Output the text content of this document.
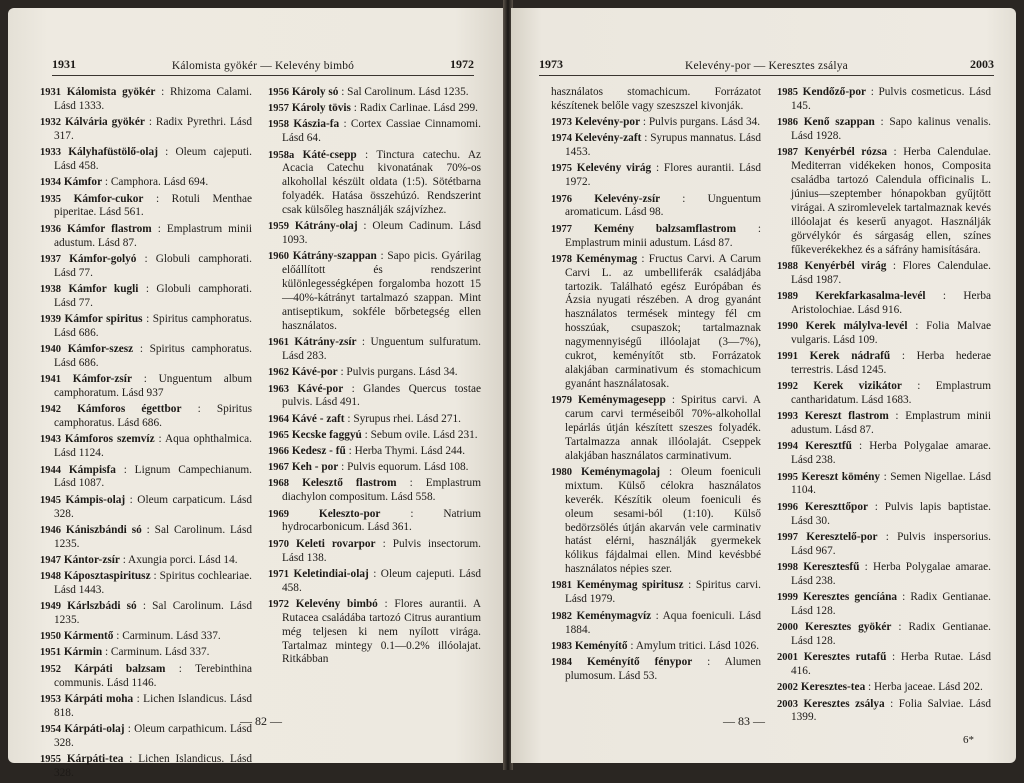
1931	Kálomista gyökér — Kelevény bimbó	1972

1931 Kálomista gyökér : Rhizoma Calami. Lásd 1333.

1932 Kálvária gyökér : Radix Pyrethri. Lásd 317.

1933 Kályhafüstölő-olaj : Oleum cajeputi. Lásd 458.

1934 Kámfor : Camphora. Lásd 694.

1935 Kámfor-cukor : Rotuli Menthae piperitae. Lásd 561.

1936 Kámfor flastrom : Emplastrum minii adustum. Lásd 87.

1937 Kámfor-golyó : Globuli camphorati. Lásd 77.

1938 Kámfor kugli : Globuli camphorati. Lásd 77.

1939 Kámfor spiritus : Spiritus camphoratus. Lásd 686.

1940 Kámfor-szesz : Spiritus camphoratus. Lásd 686.

1941 Kámfor-zsír : Unguentum album camphoratum. Lásd 937

1942 Kámforos égettbor : Spiritus camphoratus. Lásd 686.

1943 Kámforos szemvíz : Aqua ophthalmica. Lásd 1124.

1944 Kámpisfa : Lignum Campechianum. Lásd 1087.

1945 Kámpis-olaj : Oleum carpaticum. Lásd 328.

1946 Kániszbándi só : Sal Carolinum. Lásd 1235.

1947 Kántor-zsír : Axungia porci. Lásd 14.

1948 Káposztaspiritusz : Spiritus cochleariae. Lásd 1443.

1949 Kárlszbádi só : Sal Carolinum. Lásd 1235.

1950 Kármentő : Carminum. Lásd 337.

1951 Kármin : Carminum. Lásd 337.

1952 Kárpáti balzsam : Terebinthina communis. Lásd 1146.

1953 Kárpáti moha : Lichen Islandicus. Lásd 818.

1954 Kárpáti-olaj : Oleum carpathicum. Lásd 328.

1955 Kárpáti-tea : Lichen Islandicus. Lásd 328.

1956 Károly só : Sal Carolinum. Lásd 1235.

1957 Károly tövis : Radix Carlinae. Lásd 299.

1958 Kászia-fa : Cortex Cassiae Cinnamomi. Lásd 64.

1958a Káté-csepp : Tinctura catechu. Az Acacia Catechu kivonatának 70%-os alkohollal készült oldata (1:5). Sötétbarna folyadék. Hatása összehúzó. Rendszerint csak külsőleg használják szájvízhez.

1959 Kátrány-olaj : Oleum Cadinum. Lásd 1093.

1960 Kátrány-szappan : Sapo picis. Gyárilag előállított és rendszerint különlegességképen forgalomba hozott 15—40%-kátrányt tartalmazó szappan. Mint antiseptikum, sokféle bőrbetegség ellen használatos.

1961 Kátrány-zsír : Unguentum sulfuratum. Lásd 283.

1962 Kávé-por : Pulvis purgans. Lásd 34.

1963 Kávé-por : Glandes Quercus tostae pulvis. Lásd 491.

1964 Kávé - zaft : Syrupus rhei. Lásd 271.

1965 Kecske faggyú : Sebum ovile. Lásd 231.

1966 Kedesz - fű : Herba Thymi. Lásd 244.

1967 Keh - por : Pulvis equorum. Lásd 108.

1968 Kelesztő flastrom : Emplastrum diachylon compositum. Lásd 558.

1969	Keleszto-por : Natrium hydrocarbonicum. Lásd 361.

1970 Keleti rovarpor : Pulvis insectorum. Lásd 138.

1971 Keletindiai-olaj : Oleum cajeputi. Lásd 458.

1972 Kelevény bimbó : Flores aurantii. A Rutacea családába tartozó Citrus aurantium még teljesen ki nem nyílott virága. Tartalmaz mintegy 0.1—0.2% illóolajat. Ritkábban

— 82 —
1973	Kelevény-por — Keresztes zsálya	2003

használatos stomachicum. Forrázatot készítenek belőle vagy szeszszel kivonják.

1973 Kelevény-por : Pulvis purgans. Lásd 34.

1974 Kelevény-zaft : Syrupus mannatus. Lásd 1453.

1975 Kelevény virág : Flores aurantii. Lásd 1972.

1976 Kelevény-zsír : Unguentum aromaticum. Lásd 98.

1977 Kemény balzsamflastrom : Emplastrum minii adustum. Lásd 87.

1978 Keménymag : Fructus Carvi. A Carum Carvi L. az umbelliferák családjába tartozik. Található egész Európában és Ázsia nyugati részében. A drog gyanánt használatos termések mintegy fél cm hosszúak, csupaszok; tartalmaznak nagymennyiségű illóolajat (3—7%), cukrot, keményítőt stb. Forrázatok alakjában carminativum és stomachicum gyanánt használatosak.

1979 Keménymagesepp : Spiritus carvi. A carum carvi terméseiből 70%-alkohollal lepárlás útján készített szeszes folyadék. Tartalmazza annak illóolaját. Cseppek alakjában használatos carminativum.

1980 Keménymagolaj : Oleum foeniculi mixtum. Külső célokra használatos keverék. Készítik oleum foeniculi és oleum sesami-ból (1:10). Külső bedörzsölés útján akarván vele carminativ hatást elérni, használják gyermekek kólikus fájdalmai ellen. Mind kevésbbé használatos népies szer.

1981 Keménymag spiritusz : Spiritus carvi. Lásd 1979.

1982 Keménymagvíz : Aqua foeniculi. Lásd 1884.

1983 Keményítő : Amylum tritici. Lásd 1026.

1984 Keményítő fénypor : Alumen plumosum. Lásd 53.

1985 Kendőző-por : Pulvis cosmeticus. Lásd 145.

1986 Kenő szappan : Sapo kalinus venalis. Lásd 1928.

1987 Kenyérbél rózsa : Herba Calendulae. Mediterran vidékeken honos, Composita családba tartozó Calendula officinalis L. június—szeptember hónapokban gyűjtött virágai. A sziromlevelek tartalmaznak kevés illóolajat és keserű anyagot. Használják görvélykór és sárgaság ellen, színes fűkeverékekhez és a sáfrány hamisítására.

1988 Kenyérbél virág : Flores Calendulae. Lásd 1987.

1989 Kerekfarkasalma-levél : Herba Aristolochiae. Lásd 916.

1990 Kerek málylva-levél : Folia Malvae vulgaris. Lásd 109.

1991 Kerek nádrafű : Herba hederae terrestris. Lásd 1245.

1992 Kerek vizikátor : Emplastrum cantharidatum. Lásd 1683.

1993 Kereszt flastrom : Emplastrum minii adustum. Lásd 87.

1994 Keresztfű : Herba Polygalae amarae. Lásd 238.

1995 Kereszt kömény : Semen Nigellae. Lásd 1104.

1996 Kereszttőpor : Pulvis lapis baptistae. Lásd 30.

1997 Keresztelő-por : Pulvis inspersorius. Lásd 967.

1998 Keresztesfű : Herba Polygalae amarae. Lásd 238.

1999 Keresztes gencíána : Radix Gentianae. Lásd 128.

2000 Keresztes gyökér : Radix Gentianae. Lásd 128.

2001 Keresztes rutafű : Herba Rutae. Lásd 416.

2002 Keresztes-tea : Herba jaceae. Lásd 202.

2003 Keresztes zsálya : Folia Salviae. Lásd 1399.

— 83 —
6*
